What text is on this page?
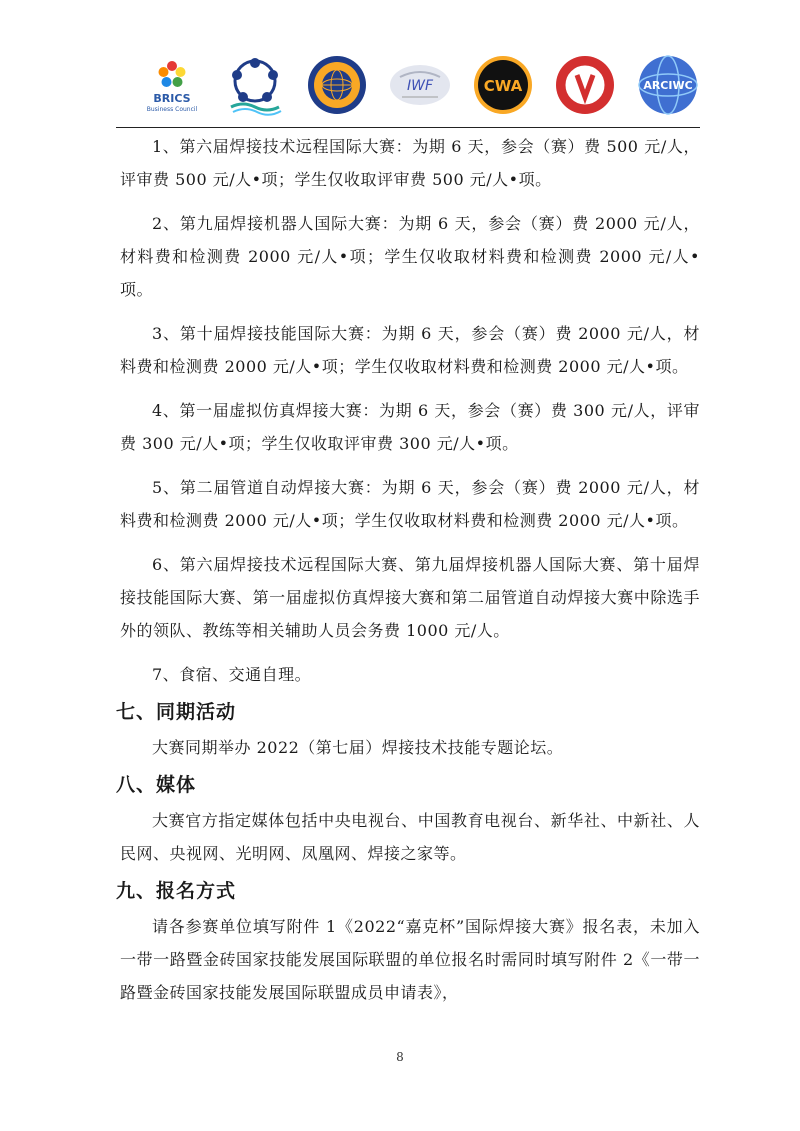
BRICS
Business Council
IWF	CWA	ARCIWC

1、第六届焊接技术远程国际大赛：为期 6 天，参会（赛）费 500 元/人，评审费 500 元/人•项；学生仅收取评审费 500 元/人•项。

2、第九届焊接机器人国际大赛：为期 6 天，参会（赛）费 2000 元/人，材料费和检测费 2000 元/人•项；学生仅收取材料费和检测费 2000 元/人•项。

3、第十届焊接技能国际大赛：为期 6 天，参会（赛）费 2000 元/人，材料费和检测费 2000 元/人•项；学生仅收取材料费和检测费 2000 元/人•项。

4、第一届虚拟仿真焊接大赛：为期 6 天，参会（赛）费 300 元/人，评审费 300 元/人•项；学生仅收取评审费 300 元/人•项。

5、第二届管道自动焊接大赛：为期 6 天，参会（赛）费 2000 元/人，材料费和检测费 2000 元/人•项；学生仅收取材料费和检测费 2000 元/人•项。

6、第六届焊接技术远程国际大赛、第九届焊接机器人国际大赛、第十届焊接技能国际大赛、第一届虚拟仿真焊接大赛和第二届管道自动焊接大赛中除选手外的领队、教练等相关辅助人员会务费 1000 元/人。

7、食宿、交通自理。

七、同期活动

大赛同期举办 2022（第七届）焊接技术技能专题论坛。

八、媒体

大赛官方指定媒体包括中央电视台、中国教育电视台、新华社、中新社、人民网、央视网、光明网、凤凰网、焊接之家等。

九、报名方式

请各参赛单位填写附件 1《2022“嘉克杯”国际焊接大赛》报名表，未加入一带一路暨金砖国家技能发展国际联盟的单位报名时需同时填写附件 2《一带一路暨金砖国家技能发展国际联盟成员申请表》，

8
